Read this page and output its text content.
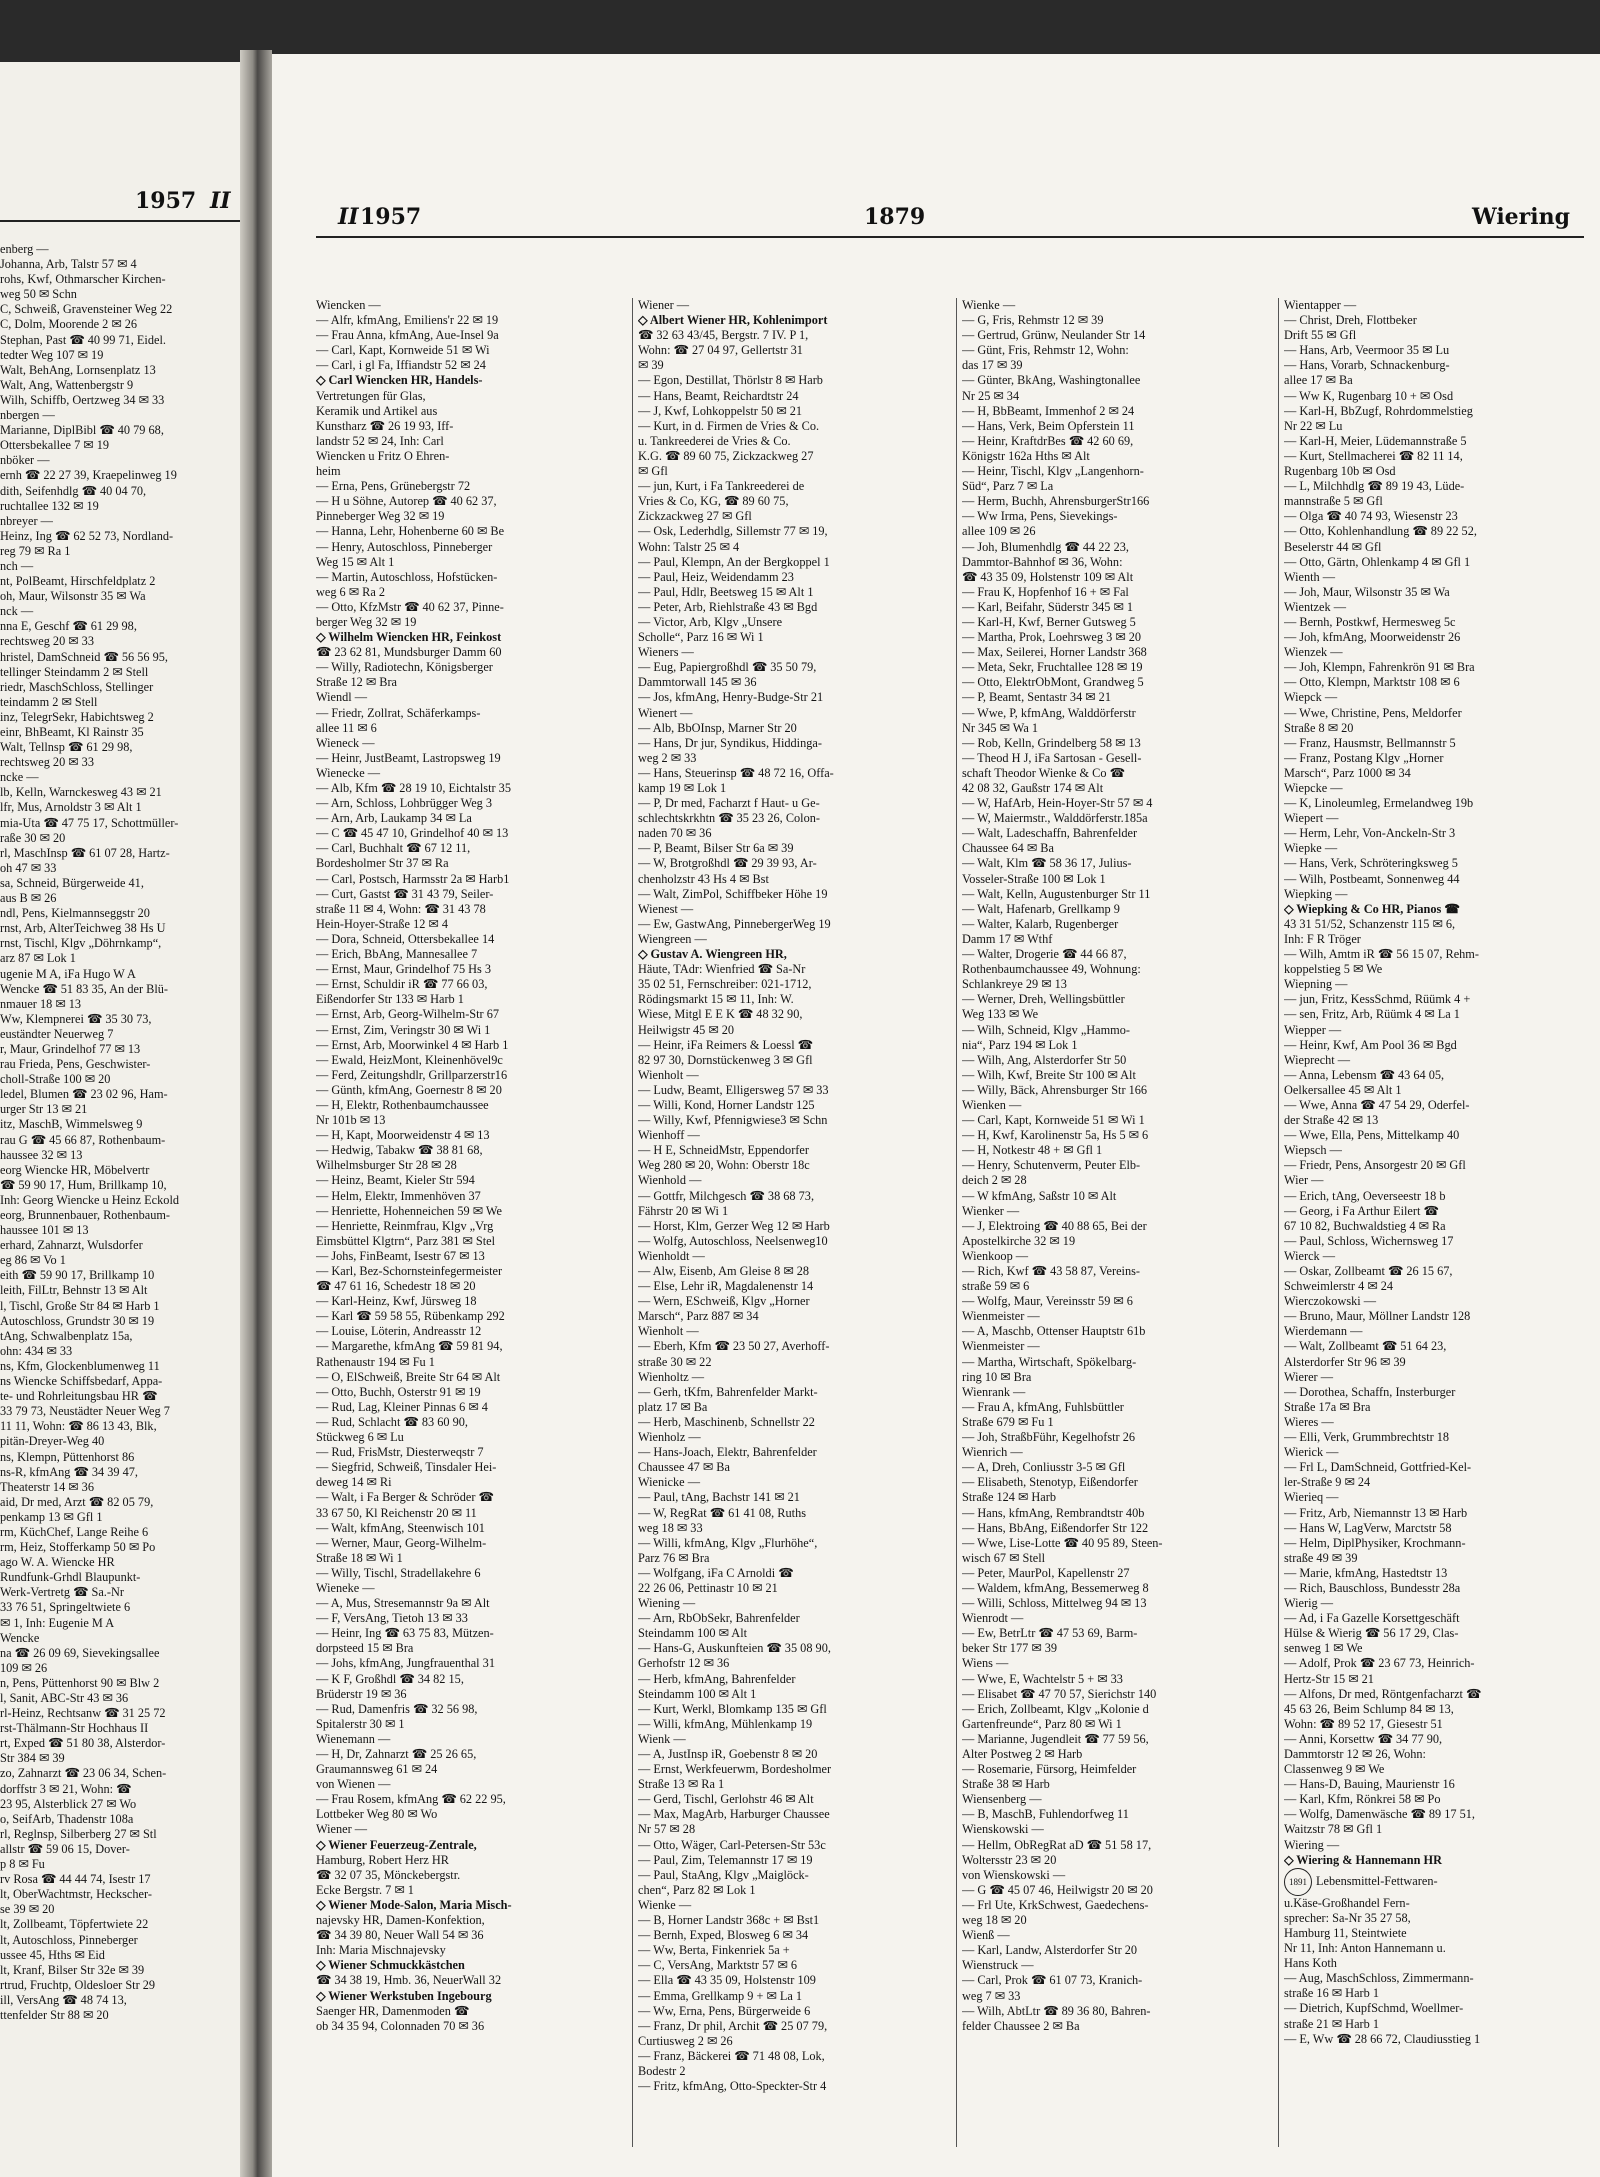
1957 II
enberg —
Johanna, Arb, Talstr 57 ✉ 4
rohs, Kwf, Othmarscher Kirchen-
weg 50 ✉ Schn
C, Schweiß, Gravensteiner Weg 22
C, Dolm, Moorende 2 ✉ 26
Stephan, Past ☎ 40 99 71, Eidel.
tedter Weg 107 ✉ 19
Walt, BehAng, Lornsenplatz 13
Walt, Ang, Wattenbergstr 9
Wilh, Schiffb, Oertzweg 34 ✉ 33
nbergen —
Marianne, DiplBibl ☎ 40 79 68,
Ottersbekallee 7 ✉ 19
nböker —
ernh ☎ 22 27 39, Kraepelinweg 19
dith, Seifenhdlg ☎ 40 04 70,
ruchtallee 132 ✉ 19
nbreyer —
Heinz, Ing ☎ 62 52 73, Nordland-
reg 79 ✉ Ra 1
nch —
nt, PolBeamt, Hirschfeldplatz 2
oh, Maur, Wilsonstr 35 ✉ Wa
nck —
nna E, Geschf ☎ 61 29 98,
rechtsweg 20 ✉ 33
hristel, DamSchneid ☎ 56 56 95,
tellinger Steindamm 2 ✉ Stell
riedr, MaschSchloss, Stellinger
teindamm 2 ✉ Stell
inz, TelegrSekr, Habichtsweg 2
einr, BhBeamt, Kl Rainstr 35
Walt, Tellnsp ☎ 61 29 98,
rechtsweg 20 ✉ 33
ncke —
lb, Kelln, Warnckesweg 43 ✉ 21
lfr, Mus, Arnoldstr 3 ✉ Alt 1
mia-Uta ☎ 47 75 17, Schottmüller-
raße 30 ✉ 20
rl, MaschInsp ☎ 61 07 28, Hartz-
oh 47 ✉ 33
sa, Schneid, Bürgerweide 41,
aus B ✉ 26
ndl, Pens, Kielmannseggstr 20
rnst, Arb, AlterTeichweg 38 Hs U
rnst, Tischl, Klgv „Döhrnkamp“,
arz 87 ✉ Lok 1
ugenie M A, iFa Hugo W A
Wencke ☎ 51 83 35, An der Blü-
nmauer 18 ✉ 13
Ww, Klempnerei ☎ 35 30 73,
euständter Neuerweg 7
r, Maur, Grindelhof 77 ✉ 13
rau Frieda, Pens, Geschwister-
choll-Straße 100 ✉ 20
ledel, Blumen ☎ 23 02 96, Ham-
urger Str 13 ✉ 21
itz, MaschB, Wimmelsweg 9
rau G ☎ 45 66 87, Rothenbaum-
haussee 32 ✉ 13
eorg Wiencke HR, Möbelvertr
☎ 59 90 17, Hum, Brillkamp 10,
Inh: Georg Wiencke u Heinz Eckold
eorg, Brunnenbauer, Rothenbaum-
haussee 101 ✉ 13
erhard, Zahnarzt, Wulsdorfer
eg 86 ✉ Vo 1
eith ☎ 59 90 17, Brillkamp 10
leith, FilLtr, Behnstr 13 ✉ Alt
l, Tischl, Große Str 84 ✉ Harb 1
Autoschloss, Grundstr 30 ✉ 19
tAng, Schwalbenplatz 15a,
ohn: 434 ✉ 33
ns, Kfm, Glockenblumenweg 11
ns Wiencke Schiffsbedarf, Appa-
te- und Rohrleitungsbau HR ☎
33 79 73, Neustädter Neuer Weg 7
11 11, Wohn: ☎ 86 13 43, Blk,
pitän-Dreyer-Weg 40
ns, Klempn, Püttenhorst 86
ns-R, kfmAng ☎ 34 39 47,
Theaterstr 14 ✉ 36
aid, Dr med, Arzt ☎ 82 05 79,
penkamp 13 ✉ Gfl 1
rm, KüchChef, Lange Reihe 6
rm, Heiz, Stofferkamp 50 ✉ Po
ago W. A. Wiencke HR
Rundfunk-Grhdl Blaupunkt-
Werk-Vertretg ☎ Sa.-Nr
33 76 51, Springeltwiete 6
✉ 1, Inh: Eugenie M A
Wencke
na ☎ 26 09 69, Sievekingsallee
109 ✉ 26
n, Pens, Püttenhorst 90 ✉ Blw 2
l, Sanit, ABC-Str 43 ✉ 36
rl-Heinz, Rechtsanw ☎ 31 25 72
rst-Thälmann-Str Hochhaus II
rt, Exped ☎ 51 80 38, Alsterdor-
Str 384 ✉ 39
zo, Zahnarzt ☎ 23 06 34, Schen-
dorffstr 3 ✉ 21, Wohn: ☎
23 95, Alsterblick 27 ✉ Wo
o, SeifArb, Thadenstr 108a
rl, Reglnsp, Silberberg 27 ✉ Stl
allstr ☎ 59 06 15, Dover-
p 8 ✉ Fu
rv Rosa ☎ 44 44 74, Isestr 17
lt, OberWachtmstr, Heckscher-
se 39 ✉ 20
lt, Zollbeamt, Töpfertwiete 22
lt, Autoschloss, Pinneberger
ussee 45, Hths ✉ Eid
lt, Kranf, Bilser Str 32e ✉ 39
rtrud, Fruchtp, Oldesloer Str 29
ill, VersAng ☎ 48 74 13,
ttenfelder Str 88 ✉ 20
II 1957	1879	Wiering
Wiencken —
— Alfr, kfmAng, Emiliens'r 22 ✉ 19
— Frau Anna, kfmAng, Aue-Insel 9a
— Carl, Kapt, Kornweide 51 ✉ Wi
— Carl, i gl Fa, Iffiandstr 52 ✉ 24
◇ Carl Wiencken HR, Handels-
Vertretungen für Glas,
Keramik und Artikel aus
Kunstharz ☎ 26 19 93, Iff-
landstr 52 ✉ 24, Inh: Carl
Wiencken u Fritz O Ehren-
heim
— Erna, Pens, Grünebergstr 72
— H u Söhne, Autorep ☎ 40 62 37,
Pinneberger Weg 32 ✉ 19
— Hanna, Lehr, Hohenberne 60 ✉ Be
— Henry, Autoschloss, Pinneberger
Weg 15 ✉ Alt 1
— Martin, Autoschloss, Hofstücken-
weg 6 ✉ Ra 2
— Otto, KfzMstr ☎ 40 62 37, Pinne-
berger Weg 32 ✉ 19
◇ Wilhelm Wiencken HR, Feinkost
☎ 23 62 81, Mundsburger Damm 60
— Willy, Radiotechn, Königsberger
Straße 12 ✉ Bra
Wiendl —
— Friedr, Zollrat, Schäferkamps-
allee 11 ✉ 6
Wieneck —
— Heinr, JustBeamt, Lastropsweg 19
Wienecke —
— Alb, Kfm ☎ 28 19 10, Eichtalstr 35
— Arn, Schloss, Lohbrügger Weg 3
— Arn, Arb, Laukamp 34 ✉ La
— C ☎ 45 47 10, Grindelhof 40 ✉ 13
— Carl, Buchhalt ☎ 67 12 11,
Bordesholmer Str 37 ✉ Ra
— Carl, Postsch, Harmsstr 2a ✉ Harb1
— Curt, Gastst ☎ 31 43 79, Seiler-
straße 11 ✉ 4, Wohn: ☎ 31 43 78
Hein-Hoyer-Straße 12 ✉ 4
— Dora, Schneid, Ottersbekallee 14
— Erich, BbAng, Mannesallee 7
— Ernst, Maur, Grindelhof 75 Hs 3
— Ernst, Schuldir iR ☎ 77 66 03,
Eißendorfer Str 133 ✉ Harb 1
— Ernst, Arb, Georg-Wilhelm-Str 67
— Ernst, Zim, Veringstr 30 ✉ Wi 1
— Ernst, Arb, Moorwinkel 4 ✉ Harb 1
— Ewald, HeizMont, Kleinenhövel9c
— Ferd, Zeitungshdlr, Grillparzerstr16
— Günth, kfmAng, Goernestr 8 ✉ 20
— H, Elektr, Rothenbaumchaussee
Nr 101b ✉ 13
— H, Kapt, Moorweidenstr 4 ✉ 13
— Hedwig, Tabakw ☎ 38 81 68,
Wilhelmsburger Str 28 ✉ 28
— Heinz, Beamt, Kieler Str 594
— Helm, Elektr, Immenhöven 37
— Henriette, Hohenneichen 59 ✉ We
— Henriette, Reinmfrau, Klgv „Vrg
Eimsbüttel Klgtrn“, Parz 381 ✉ Stel
— Johs, FinBeamt, Isestr 67 ✉ 13
— Karl, Bez-Schornsteinfegermeister
☎ 47 61 16, Schedestr 18 ✉ 20
— Karl-Heinz, Kwf, Jürsweg 18
— Karl ☎ 59 58 55, Rübenkamp 292
— Louise, Löterin, Andreasstr 12
— Margarethe, kfmAng ☎ 59 81 94,
Rathenaustr 194 ✉ Fu 1
— O, ElSchweiß, Breite Str 64 ✉ Alt
— Otto, Buchh, Osterstr 91 ✉ 19
— Rud, Lag, Kleiner Pinnas 6 ✉ 4
— Rud, Schlacht ☎ 83 60 90,
Stückweg 6 ✉ Lu
— Rud, FrisMstr, Diesterweqstr 7
— Siegfrid, Schweiß, Tinsdaler Hei-
deweg 14 ✉ Ri
— Walt, i Fa Berger & Schröder ☎
33 67 50, Kl Reichenstr 20 ✉ 11
— Walt, kfmAng, Steenwisch 101
— Werner, Maur, Georg-Wilhelm-
Straße 18 ✉ Wi 1
— Willy, Tischl, Stradellakehre 6
Wieneke —
— A, Mus, Stresemannstr 9a ✉ Alt
— F, VersAng, Tietoh 13 ✉ 33
— Heinr, Ing ☎ 63 75 83, Mützen-
dorpsteed 15 ✉ Bra
— Johs, kfmAng, Jungfrauenthal 31
— K F, Großhdl ☎ 34 82 15,
Brüderstr 19 ✉ 36
— Rud, Damenfris ☎ 32 56 98,
Spitalerstr 30 ✉ 1
Wienemann —
— H, Dr, Zahnarzt ☎ 25 26 65,
Graumannsweg 61 ✉ 24
von Wienen —
— Frau Rosem, kfmAng ☎ 62 22 95,
Lottbeker Weg 80 ✉ Wo
Wiener —
◇ Wiener Feuerzeug-Zentrale,
Hamburg, Robert Herz HR
☎ 32 07 35, Mönckebergstr.
Ecke Bergstr. 7 ✉ 1
◇ Wiener Mode-Salon, Maria Misch-
najevsky HR, Damen-Konfektion,
☎ 34 39 80, Neuer Wall 54 ✉ 36
Inh: Maria Mischnajevsky
◇ Wiener Schmuckkästchen
☎ 34 38 19, Hmb. 36, NeuerWall 32
◇ Wiener Werkstuben Ingebourg
Saenger HR, Damenmoden ☎
ob 34 35 94, Colonnaden 70 ✉ 36
Wiener —
◇ Albert Wiener HR, Kohlenimport
☎ 32 63 43/45, Bergstr. 7 IV. P 1,
Wohn: ☎ 27 04 97, Gellertstr 31
✉ 39
— Egon, Destillat, Thörlstr 8 ✉ Harb
— Hans, Beamt, Reichardtstr 24
— J, Kwf, Lohkoppelstr 50 ✉ 21
— Kurt, in d. Firmen de Vries & Co.
u. Tankreederei de Vries & Co.
K.G. ☎ 89 60 75, Zickzackweg 27
✉ Gfl
— jun, Kurt, i Fa Tankreederei de
Vries & Co, KG, ☎ 89 60 75,
Zickzackweg 27 ✉ Gfl
— Osk, Lederhdlg, Sillemstr 77 ✉ 19,
Wohn: Talstr 25 ✉ 4
— Paul, Klempn, An der Bergkoppel 1
— Paul, Heiz, Weidendamm 23
— Paul, Hdlr, Beetsweg 15 ✉ Alt 1
— Peter, Arb, Riehlstraße 43 ✉ Bgd
— Victor, Arb, Klgv „Unsere
Scholle“, Parz 16 ✉ Wi 1
Wieners —
— Eug, Papiergroßhdl ☎ 35 50 79,
Dammtorwall 145 ✉ 36
— Jos, kfmAng, Henry-Budge-Str 21
Wienert —
— Alb, BbOInsp, Marner Str 20
— Hans, Dr jur, Syndikus, Hiddinga-
weg 2 ✉ 33
— Hans, Steuerinsp ☎ 48 72 16, Offa-
kamp 19 ✉ Lok 1
— P, Dr med, Facharzt f Haut- u Ge-
schlechtskrkhtn ☎ 35 23 26, Colon-
naden 70 ✉ 36
— P, Beamt, Bilser Str 6a ✉ 39
— W, Brotgroßhdl ☎ 29 39 93, Ar-
chenholzstr 43 Hs 4 ✉ Bst
— Walt, ZimPol, Schiffbeker Höhe 19
Wienest —
— Ew, GastwAng, PinnebergerWeg 19
Wiengreen —
◇ Gustav A. Wiengreen HR,
Häute, TAdr: Wienfried ☎ Sa-Nr
35 02 51, Fernschreiber: 021-1712,
Rödingsmarkt 15 ✉ 11, Inh: W.
Wiese, Mitgl E E K ☎ 48 32 90,
Heilwigstr 45 ✉ 20
— Heinr, iFa Reimers & Loessl ☎
82 97 30, Dornstückenweg 3 ✉ Gfl
Wienholt —
— Ludw, Beamt, Elligersweg 57 ✉ 33
— Willi, Kond, Horner Landstr 125
— Willy, Kwf, Pfennigwiese3 ✉ Schn
Wienhoff —
— H E, SchneidMstr, Eppendorfer
Weg 280 ✉ 20, Wohn: Oberstr 18c
Wienhold —
— Gottfr, Milchgesch ☎ 38 68 73,
Fährstr 20 ✉ Wi 1
— Horst, Klm, Gerzer Weg 12 ✉ Harb
— Wolfg, Autoschloss, Neelsenweg10
Wienholdt —
— Alw, Eisenb, Am Gleise 8 ✉ 28
— Else, Lehr iR, Magdalenenstr 14
— Wern, ESchweiß, Klgv „Horner
Marsch“, Parz 887 ✉ 34
Wienholt —
— Eberh, Kfm ☎ 23 50 27, Averhoff-
straße 30 ✉ 22
Wienholtz —
— Gerh, tKfm, Bahrenfelder Markt-
platz 17 ✉ Ba
— Herb, Maschinenb, Schnellstr 22
Wienholz —
— Hans-Joach, Elektr, Bahrenfelder
Chaussee 47 ✉ Ba
Wienicke —
— Paul, tAng, Bachstr 141 ✉ 21
— W, RegRat ☎ 61 41 08, Ruths
weg 18 ✉ 33
— Willi, kfmAng, Klgv „Flurhöhe“,
Parz 76 ✉ Bra
— Wolfgang, iFa C Arnoldi ☎
22 26 06, Pettinastr 10 ✉ 21
Wiening —
— Arn, RbObSekr, Bahrenfelder
Steindamm 100 ✉ Alt
— Hans-G, Auskunfteien ☎ 35 08 90,
Gerhofstr 12 ✉ 36
— Herb, kfmAng, Bahrenfelder
Steindamm 100 ✉ Alt 1
— Kurt, Werkl, Blomkamp 135 ✉ Gfl
— Willi, kfmAng, Mühlenkamp 19
Wienk —
— A, JustInsp iR, Goebenstr 8 ✉ 20
— Ernst, Werkfeuerwm, Bordesholmer
Straße 13 ✉ Ra 1
— Gerd, Tischl, Gerlohstr 46 ✉ Alt
— Max, MagArb, Harburger Chaussee
Nr 57 ✉ 28
— Otto, Wäger, Carl-Petersen-Str 53c
— Paul, Zim, Telemannstr 17 ✉ 19
— Paul, StaAng, Klgv „Maiglöck-
chen“, Parz 82 ✉ Lok 1
Wienke —
— B, Horner Landstr 368c + ✉ Bst1
— Bernh, Exped, Blosweg 6 ✉ 34
— Ww, Berta, Finkenriek 5a +
— C, VersAng, Marktstr 57 ✉ 6
— Ella ☎ 43 35 09, Holstenstr 109
— Emma, Grellkamp 9 + ✉ La 1
— Ww, Erna, Pens, Bürgerweide 6
— Franz, Dr phil, Archit ☎ 25 07 79,
Curtiusweg 2 ✉ 26
— Franz, Bäckerei ☎ 71 48 08, Lok,
Bodestr 2
— Fritz, kfmAng, Otto-Speckter-Str 4
Wienke —
— G, Fris, Rehmstr 12 ✉ 39
— Gertrud, Grünw, Neulander Str 14
— Günt, Fris, Rehmstr 12, Wohn:
das 17 ✉ 39
— Günter, BkAng, Washingtonallee
Nr 25 ✉ 34
— H, BbBeamt, Immenhof 2 ✉ 24
— Hans, Verk, Beim Opferstein 11
— Heinr, KraftdrBes ☎ 42 60 69,
Königstr 162a Hths ✉ Alt
— Heinr, Tischl, Klgv „Langenhorn-
Süd“, Parz 7 ✉ La
— Herm, Buchh, AhrensburgerStr166
— Ww Irma, Pens, Sievekings-
allee 109 ✉ 26
— Joh, Blumenhdlg ☎ 44 22 23,
Dammtor-Bahnhof ✉ 36, Wohn:
☎ 43 35 09, Holstenstr 109 ✉ Alt
— Frau K, Hopfenhof 16 + ✉ Fal
— Karl, Beifahr, Süderstr 345 ✉ 1
— Karl-H, Kwf, Berner Gutsweg 5
— Martha, Prok, Loehrsweg 3 ✉ 20
— Max, Seilerei, Horner Landstr 368
— Meta, Sekr, Fruchtallee 128 ✉ 19
— Otto, ElektrObMont, Grandweg 5
— P, Beamt, Sentastr 34 ✉ 21
— Wwe, P, kfmAng, Walddörferstr
Nr 345 ✉ Wa 1
— Rob, Kelln, Grindelberg 58 ✉ 13
— Theod H J, iFa Sartosan - Gesell-
schaft Theodor Wienke & Co ☎
42 08 32, Gaußstr 174 ✉ Alt
— W, HafArb, Hein-Hoyer-Str 57 ✉ 4
— W, Maiermstr., Walddörferstr.185a
— Walt, Ladeschaffn, Bahrenfelder
Chaussee 64 ✉ Ba
— Walt, Klm ☎ 58 36 17, Julius-
Vosseler-Straße 100 ✉ Lok 1
— Walt, Kelln, Augustenburger Str 11
— Walt, Hafenarb, Grellkamp 9
— Walter, Kalarb, Rugenberger
Damm 17 ✉ Wthf
— Walter, Drogerie ☎ 44 66 87,
Rothenbaumchaussee 49, Wohnung:
Schlankreye 29 ✉ 13
— Werner, Dreh, Wellingsbüttler
Weg 133 ✉ We
— Wilh, Schneid, Klgv „Hammo-
nia“, Parz 194 ✉ Lok 1
— Wilh, Ang, Alsterdorfer Str 50
— Wilh, Kwf, Breite Str 100 ✉ Alt
— Willy, Bäck, Ahrensburger Str 166
Wienken —
— Carl, Kapt, Kornweide 51 ✉ Wi 1
— H, Kwf, Karolinenstr 5a, Hs 5 ✉ 6
— H, Notkestr 48 + ✉ Gfl 1
— Henry, Schutenverm, Peuter Elb-
deich 2 ✉ 28
— W kfmAng, Saßstr 10 ✉ Alt
Wienker —
— J, Elektroing ☎ 40 88 65, Bei der
Apostelkirche 32 ✉ 19
Wienkoop —
— Rich, Kwf ☎ 43 58 87, Vereins-
straße 59 ✉ 6
— Wolfg, Maur, Vereinsstr 59 ✉ 6
Wienmeister —
— A, Maschb, Ottenser Hauptstr 61b
Wienmeister —
— Martha, Wirtschaft, Spökelbarg-
ring 10 ✉ Bra
Wienrank —
— Frau A, kfmAng, Fuhlsbüttler
Straße 679 ✉ Fu 1
— Joh, StraßbFühr, Kegelhofstr 26
Wienrich —
— A, Dreh, Conliusstr 3-5 ✉ Gfl
— Elisabeth, Stenotyp, Eißendorfer
Straße 124 ✉ Harb
— Hans, kfmAng, Rembrandtstr 40b
— Hans, BbAng, Eißendorfer Str 122
— Wwe, Lise-Lotte ☎ 40 95 89, Steen-
wisch 67 ✉ Stell
— Peter, MaurPol, Kapellenstr 27
— Waldem, kfmAng, Bessemerweg 8
— Willi, Schloss, Mittelweg 94 ✉ 13
Wienrodt —
— Ew, BetrLtr ☎ 47 53 69, Barm-
beker Str 177 ✉ 39
Wiens —
— Wwe, E, Wachtelstr 5 + ✉ 33
— Elisabet ☎ 47 70 57, Sierichstr 140
— Erich, Zollbeamt, Klgv „Kolonie d
Gartenfreunde“, Parz 80 ✉ Wi 1
— Marianne, Jugendleit ☎ 77 59 56,
Alter Postweg 2 ✉ Harb
— Rosemarie, Fürsorg, Heimfelder
Straße 38 ✉ Harb
Wiensenberg —
— B, MaschB, Fuhlendorfweg 11
Wienskowski —
— Hellm, ObRegRat aD ☎ 51 58 17,
Woltersstr 23 ✉ 20
von Wienskowski —
— G ☎ 45 07 46, Heilwigstr 20 ✉ 20
— Frl Ute, KrkSchwest, Gaedechens-
weg 18 ✉ 20
Wienß —
— Karl, Landw, Alsterdorfer Str 20
Wienstruck —
— Carl, Prok ☎ 61 07 73, Kranich-
weg 7 ✉ 33
— Wilh, AbtLtr ☎ 89 36 80, Bahren-
felder Chaussee 2 ✉ Ba
Wientapper —
— Christ, Dreh, Flottbeker
Drift 55 ✉ Gfl
— Hans, Arb, Veermoor 35 ✉ Lu
— Hans, Vorarb, Schnackenburg-
allee 17 ✉ Ba
— Ww K, Rugenbarg 10 + ✉ Osd
— Karl-H, BbZugf, Rohrdommelstieg
Nr 22 ✉ Lu
— Karl-H, Meier, Lüdemannstraße 5
— Kurt, Stellmacherei ☎ 82 11 14,
Rugenbarg 10b ✉ Osd
— L, Milchhdlg ☎ 89 19 43, Lüde-
mannstraße 5 ✉ Gfl
— Olga ☎ 40 74 93, Wiesenstr 23
— Otto, Kohlenhandlung ☎ 89 22 52,
Beselerstr 44 ✉ Gfl
— Otto, Gärtn, Ohlenkamp 4 ✉ Gfl 1
Wienth —
— Joh, Maur, Wilsonstr 35 ✉ Wa
Wientzek —
— Bernh, Postkwf, Hermesweg 5c
— Joh, kfmAng, Moorweidenstr 26
Wienzek —
— Joh, Klempn, Fahrenkrön 91 ✉ Bra
— Otto, Klempn, Marktstr 108 ✉ 6
Wiepck —
— Wwe, Christine, Pens, Meldorfer
Straße 8 ✉ 20
— Franz, Hausmstr, Bellmannstr 5
— Franz, Postang Klgv „Horner
Marsch“, Parz 1000 ✉ 34
Wiepcke —
— K, Linoleumleg, Ermelandweg 19b
Wiepert —
— Herm, Lehr, Von-Anckeln-Str 3
Wiepke —
— Hans, Verk, Schröteringksweg 5
— Wilh, Postbeamt, Sonnenweg 44
Wiepking —
◇ Wiepking & Co HR, Pianos ☎
43 31 51/52, Schanzenstr 115 ✉ 6,
Inh: F R Tröger
— Wilh, Amtm iR ☎ 56 15 07, Rehm-
koppelstieg 5 ✉ We
Wiepning —
— jun, Fritz, KessSchmd, Rüümk 4 +
— sen, Fritz, Arb, Rüümk 4 ✉ La 1
Wiepper —
— Heinr, Kwf, Am Pool 36 ✉ Bgd
Wieprecht —
— Anna, Lebensm ☎ 43 64 05,
Oelkersallee 45 ✉ Alt 1
— Wwe, Anna ☎ 47 54 29, Oderfel-
der Straße 42 ✉ 13
— Wwe, Ella, Pens, Mittelkamp 40
Wiepsch —
— Friedr, Pens, Ansorgestr 20 ✉ Gfl
Wier —
— Erich, tAng, Oeverseestr 18 b
— Georg, i Fa Arthur Eilert ☎
67 10 82, Buchwaldstieg 4 ✉ Ra
— Paul, Schloss, Wichernsweg 17
Wierck —
— Oskar, Zollbeamt ☎ 26 15 67,
Schweimlerstr 4 ✉ 24
Wierczokowski —
— Bruno, Maur, Möllner Landstr 128
Wierdemann —
— Walt, Zollbeamt ☎ 51 64 23,
Alsterdorfer Str 96 ✉ 39
Wierer —
— Dorothea, Schaffn, Insterburger
Straße 17a ✉ Bra
Wieres —
— Elli, Verk, Grummbrechtstr 18
Wierick —
— Frl L, DamSchneid, Gottfried-Kel-
ler-Straße 9 ✉ 24
Wierieq —
— Fritz, Arb, Niemannstr 13 ✉ Harb
— Hans W, LagVerw, Marctstr 58
— Helm, DiplPhysiker, Krochmann-
straße 49 ✉ 39
— Marie, kfmAng, Hastedtstr 13
— Rich, Bauschloss, Bundesstr 28a
Wierig —
— Ad, i Fa Gazelle Korsettgeschäft
Hülse & Wierig ☎ 56 17 29, Clas-
senweg 1 ✉ We
— Adolf, Prok ☎ 23 67 73, Heinrich-
Hertz-Str 15 ✉ 21
— Alfons, Dr med, Röntgenfacharzt ☎
45 63 26, Beim Schlump 84 ✉ 13,
Wohn: ☎ 89 52 17, Giesestr 51
— Anni, Korsettw ☎ 34 77 90,
Dammtorstr 12 ✉ 26, Wohn:
Classenweg 9 ✉ We
— Hans-D, Bauing, Maurienstr 16
— Karl, Kfm, Rönkrei 58 ✉ Po
— Wolfg, Damenwäsche ☎ 89 17 51,
Waitzstr 78 ✉ Gfl 1
Wiering —
◇ Wiering & Hannemann HR
1891 Lebensmittel-Fettwaren-
u.Käse-Großhandel Fern-
sprecher: Sa-Nr 35 27 58,
Hamburg 11, Steintwiete
Nr 11, Inh: Anton Hannemann u.
Hans Koth
— Aug, MaschSchloss, Zimmermann-
straße 16 ✉ Harb 1
— Dietrich, KupfSchmd, Woellmer-
straße 21 ✉ Harb 1
— E, Ww ☎ 28 66 72, Claudiusstieg 1
